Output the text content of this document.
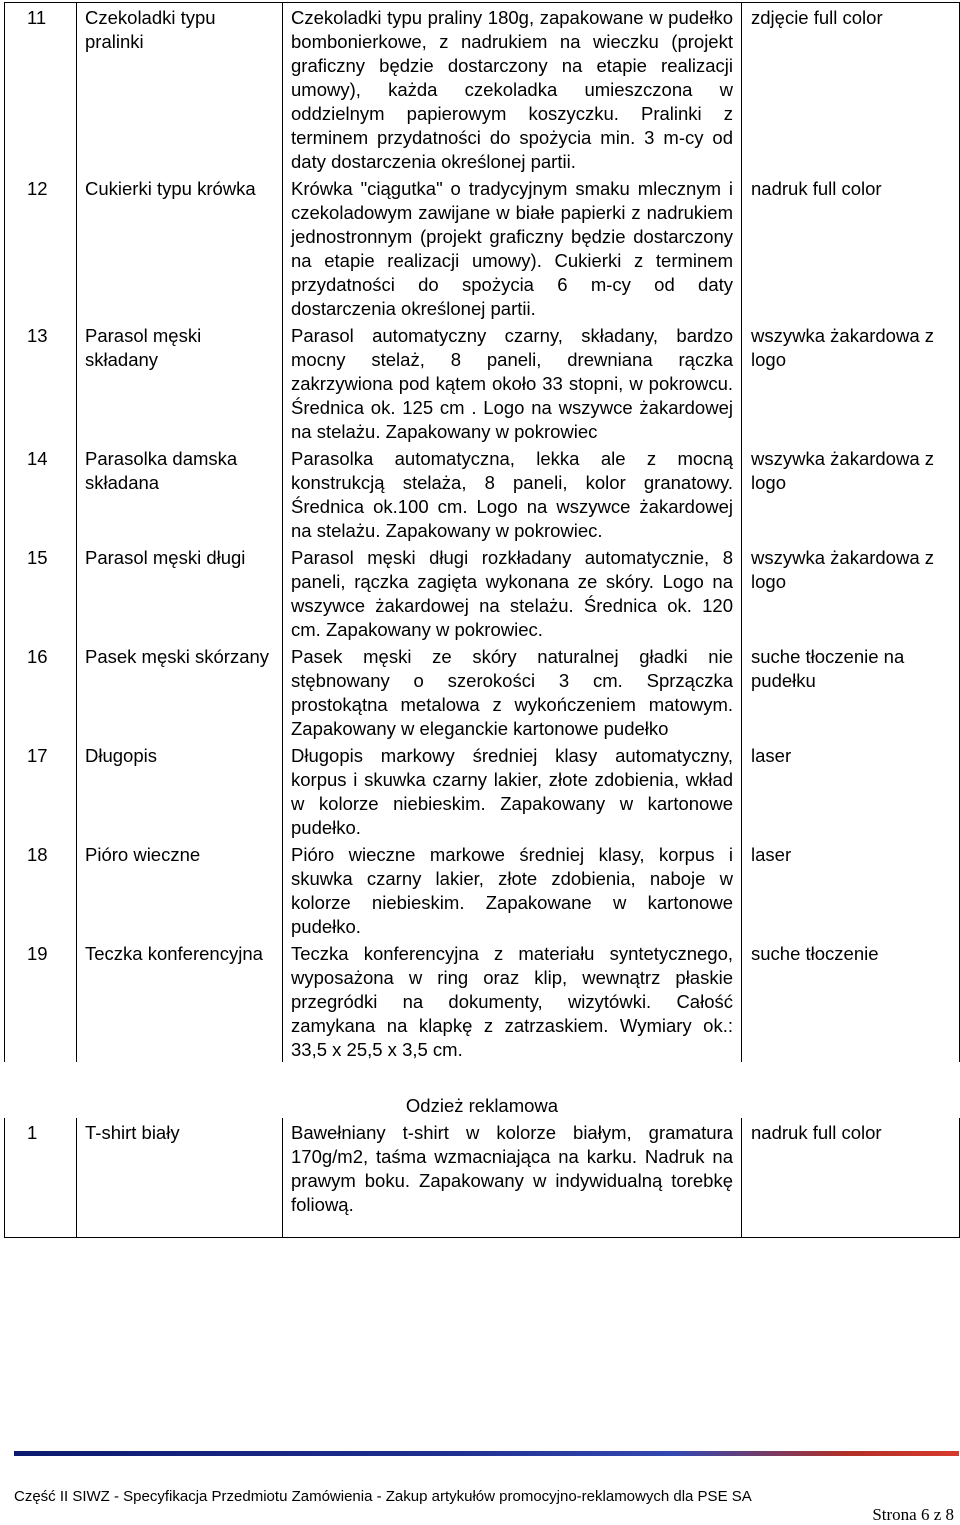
11	Czekoladki typu pralinki	Czekoladki typu praliny 180g, zapakowane w pudełko bombonierkowe, z nadrukiem na wieczku (projekt graficzny będzie dostarczony na etapie realizacji umowy), każda czekoladka umieszczona w oddzielnym papierowym koszyczku. Pralinki z terminem przydatności do spożycia min. 3 m-cy od daty dostarczenia określonej partii.	zdjęcie full color
12	Cukierki typu krówka	Krówka "ciągutka" o tradycyjnym smaku mlecznym i czekoladowym zawijane w białe papierki z nadrukiem jednostronnym (projekt graficzny będzie dostarczony na etapie realizacji umowy). Cukierki z terminem przydatności do spożycia 6 m-cy od daty dostarczenia określonej partii.	nadruk full color
13	Parasol męski składany	Parasol automatyczny czarny, składany, bardzo mocny stelaż, 8 paneli, drewniana rączka zakrzywiona pod kątem około 33 stopni, w pokrowcu. Średnica ok. 125 cm . Logo na wszywce żakardowej na stelażu. Zapakowany w pokrowiec	wszywka żakardowa z logo
14	Parasolka damska składana	Parasolka automatyczna, lekka ale z mocną konstrukcją stelaża, 8 paneli, kolor granatowy. Średnica ok.100 cm. Logo na wszywce żakardowej na stelażu. Zapakowany w pokrowiec.	wszywka żakardowa z logo
15	Parasol męski długi	Parasol męski długi rozkładany automatycznie, 8 paneli, rączka zagięta wykonana ze skóry. Logo na wszywce żakardowej na stelażu. Średnica ok. 120 cm. Zapakowany w pokrowiec.	wszywka żakardowa z logo
16	Pasek męski skórzany	Pasek męski ze skóry naturalnej gładki nie stębnowany o szerokości 3 cm. Sprzączka prostokątna metalowa z wykończeniem matowym. Zapakowany w eleganckie kartonowe pudełko	suche tłoczenie na pudełku
17	Długopis	Długopis markowy średniej klasy automatyczny, korpus i skuwka czarny lakier, złote zdobienia, wkład w kolorze niebieskim. Zapakowany w kartonowe pudełko.	laser
18	Pióro wieczne	Pióro wieczne markowe średniej klasy, korpus i skuwka czarny lakier, złote zdobienia, naboje w kolorze niebieskim. Zapakowane w kartonowe pudełko.	laser
19	Teczka konferencyjna	Teczka konferencyjna z materiału syntetycznego, wyposażona w ring oraz klip, wewnątrz płaskie przegródki na dokumenty, wizytówki. Całość zamykana na klapkę z zatrzaskiem. Wymiary ok.: 33,5 x 25,5 x 3,5 cm.	suche tłoczenie

Odzież reklamowa			
1	T-shirt biały	Bawełniany t-shirt w kolorze białym, gramatura 170g/m2, taśma wzmacniająca na karku. Nadruk na prawym boku. Zapakowany w indywidualną torebkę foliową.	nadruk full color
Część II SIWZ - Specyfikacja Przedmiotu Zamówienia - Zakup artykułów promocyjno-reklamowych dla PSE SA
Strona 6 z 8
